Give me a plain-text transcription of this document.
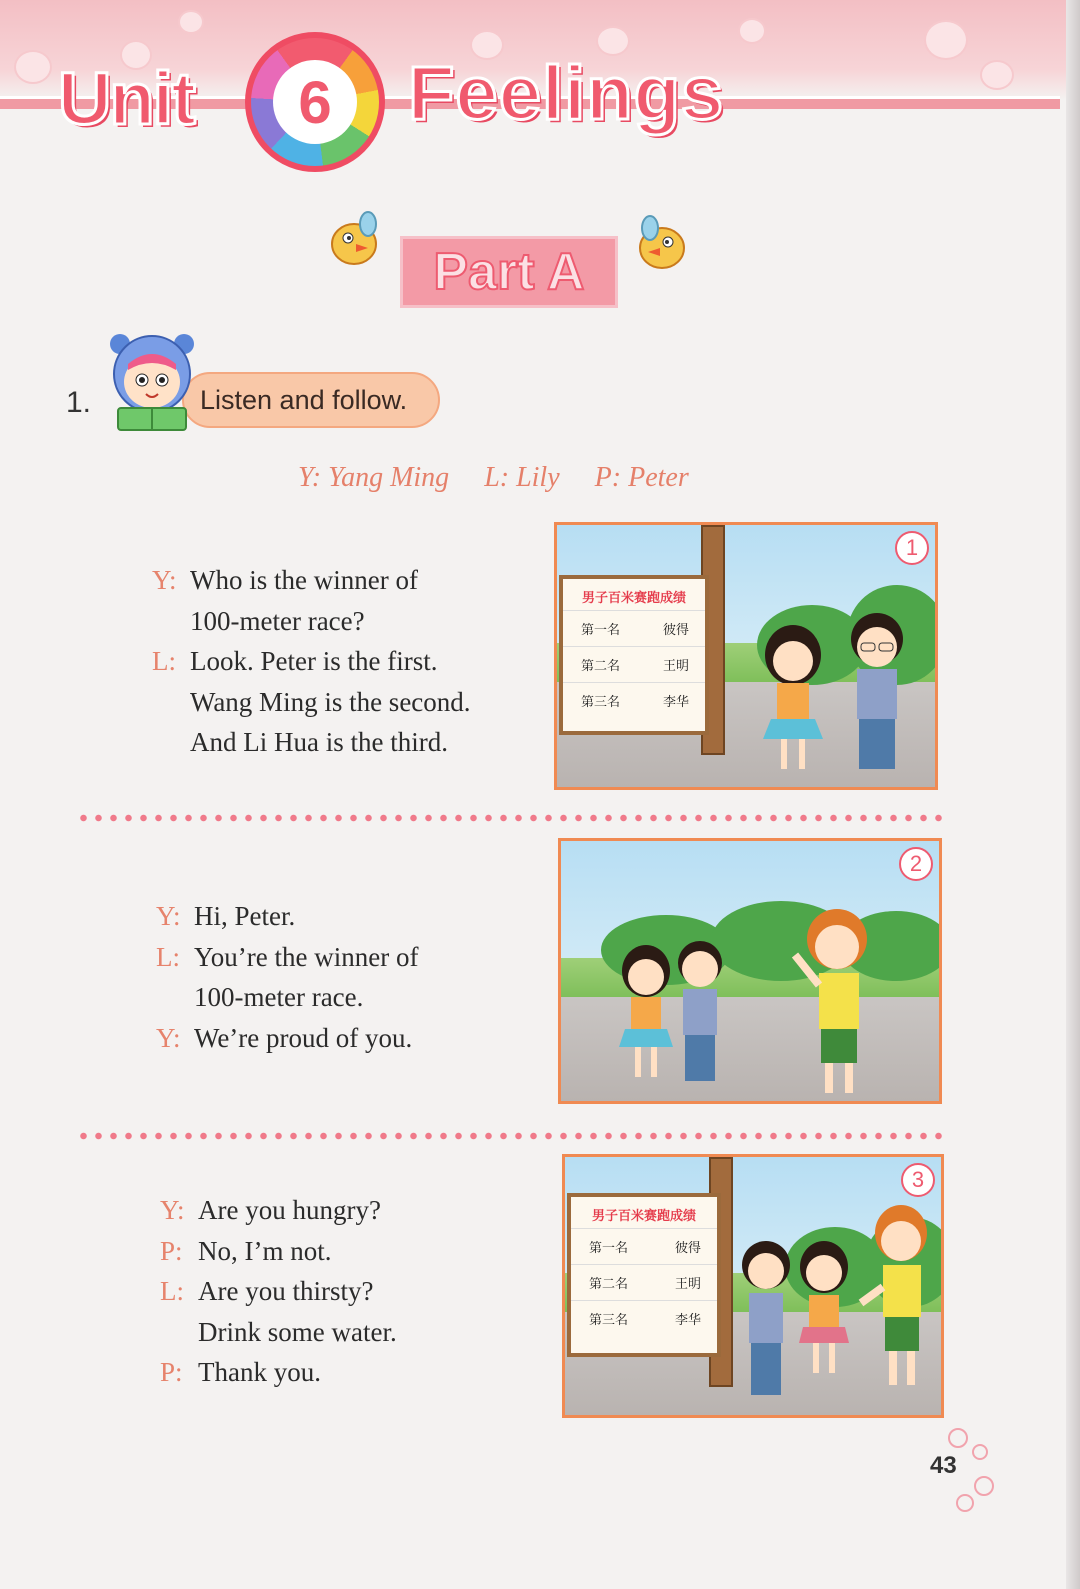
Unit	6	Feelings
Part A
1.	Listen and follow.
Y: Yang Ming L: Lily P: Peter
Y: Who is the winner of
100-meter race?
L: Look. Peter is the first.
Wang Ming is the second.
And Li Hua is the third.
男子百米赛跑成绩
第一名	彼得
第二名	王明
第三名	李华
1
Y: Hi, Peter.
L: You’re the winner of
100-meter race.
Y: We’re proud of you.
2
Y: Are you hungry?
P: No, I’m not.
L: Are you thirsty?
Drink some water.
P: Thank you.
男子百米赛跑成绩
第一名	彼得
第二名	王明
第三名	李华
3
43
